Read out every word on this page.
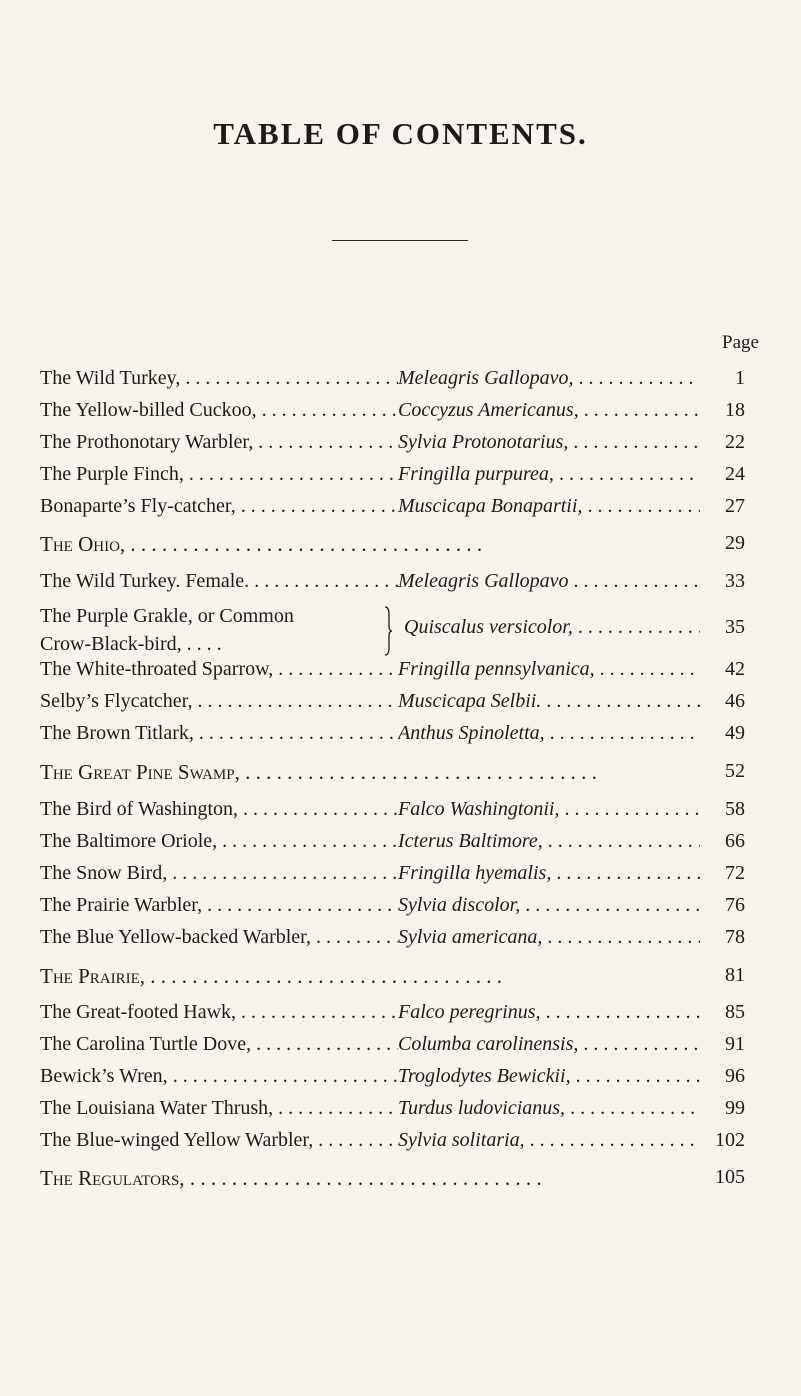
TABLE OF CONTENTS.
Page
The Wild Turkey, . . .	Meleagris Gallopavo, . . .	1
The Yellow-billed Cuckoo, . . .	Coccyzus Americanus, . . .	18
The Prothonotary Warbler, . . .	Sylvia Protonotarius, . . .	22
The Purple Finch, . . .	Fringilla purpurea, . . .	24
Bonaparte’s Fly-catcher, . . .	Muscicapa Bonapartii, . . .	27
The Ohio, . . .	29
The Wild Turkey. Female. . . .	Meleagris Gallopavo . . .	33
The Purple Grakle, or Common
Crow-Black-bird, . . . .
Quiscalus versicolor, . . .	35
The White-throated Sparrow, . . .	Fringilla pennsylvanica, . . .	42
Selby’s Flycatcher, . . .	Muscicapa Selbii. . . .	46
The Brown Titlark, . . .	Anthus Spinoletta, . . .	49
The Great Pine Swamp, . . .	52
The Bird of Washington, . . .	Falco Washingtonii, . . .	58
The Baltimore Oriole, . . .	Icterus Baltimore, . . .	66
The Snow Bird, . . .	Fringilla hyemalis, . . .	72
The Prairie Warbler, . . .	Sylvia discolor, . . .	76
The Blue Yellow-backed Warbler, . . .	Sylvia americana, . . .	78
The Prairie, . . .	81
The Great-footed Hawk, . . .	Falco peregrinus, . . .	85
The Carolina Turtle Dove, . . .	Columba carolinensis, . . .	91
Bewick’s Wren, . . .	Troglodytes Bewickii, . . .	96
The Louisiana Water Thrush, . . .	Turdus ludovicianus, . . .	99
The Blue-winged Yellow Warbler, . . .	Sylvia solitaria, . . .	102
The Regulators, . . .	105
